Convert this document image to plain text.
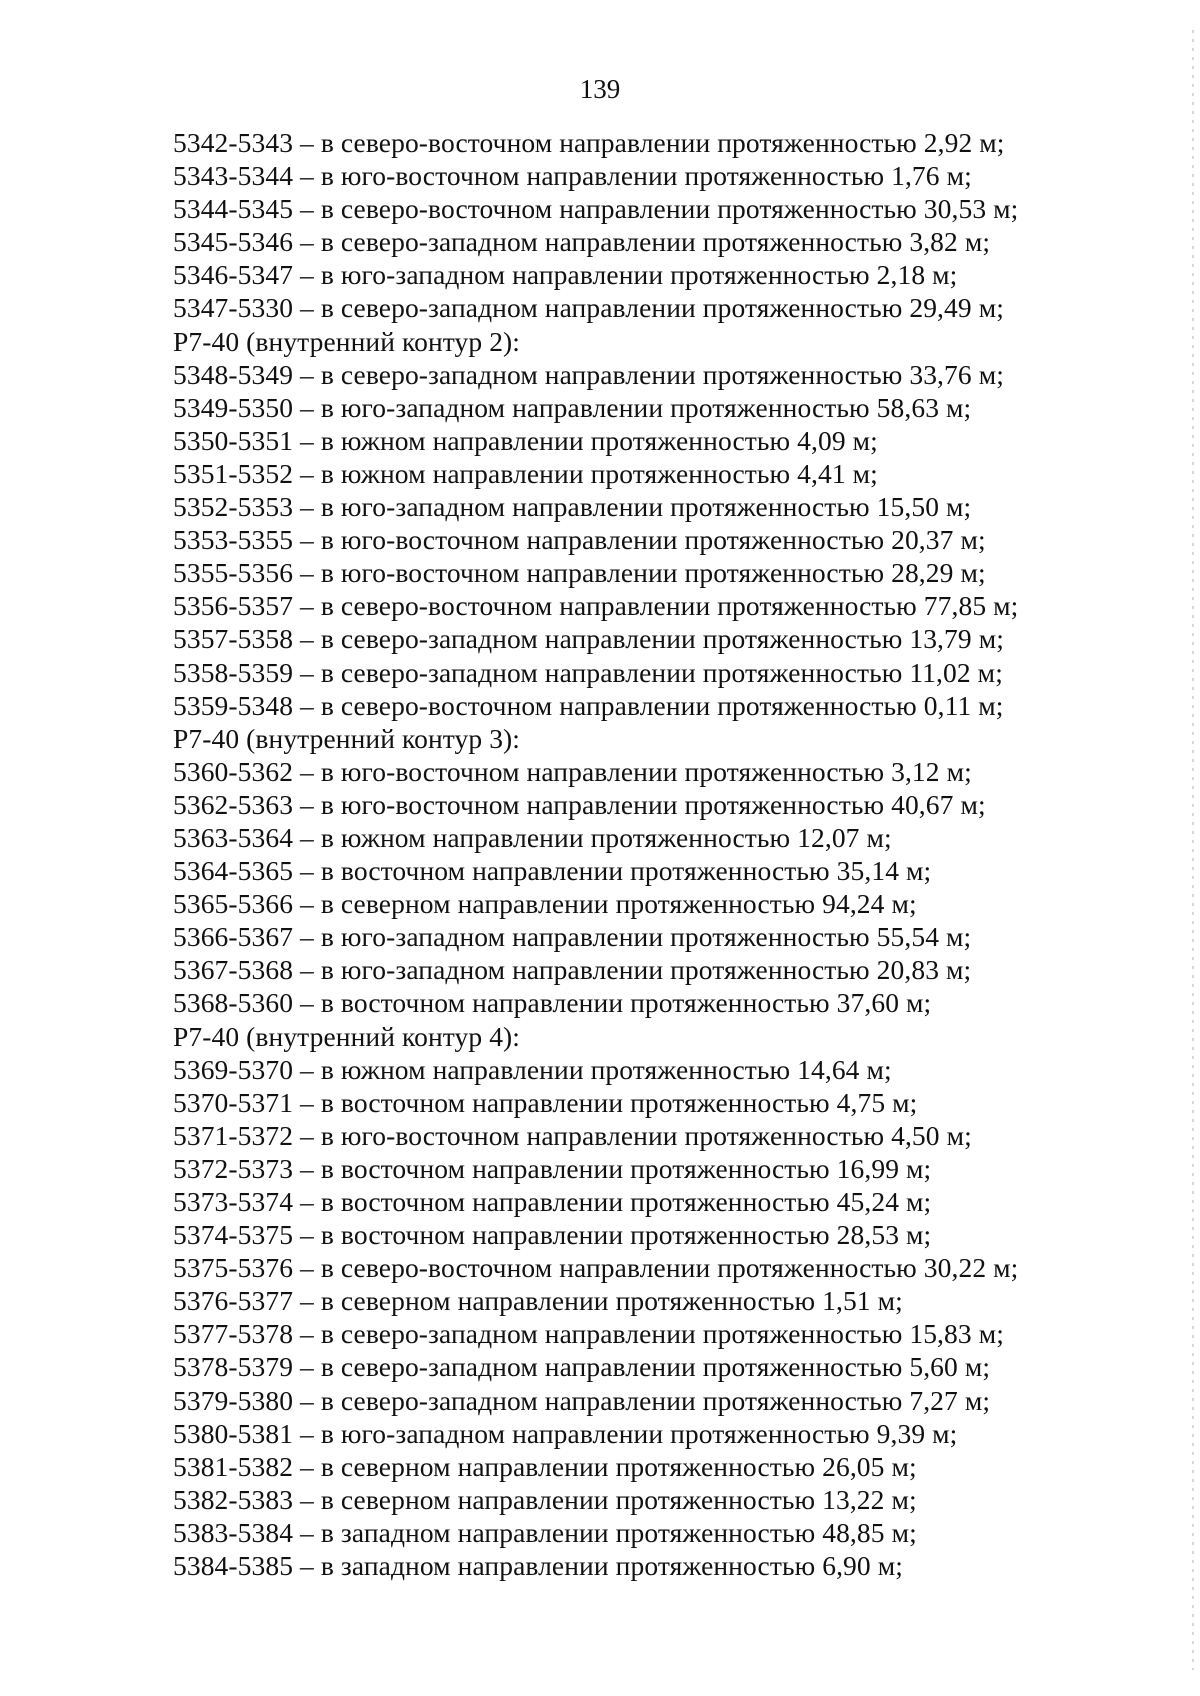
139
5342-5343 – в северо-восточном направлении протяженностью 2,92 м;
5343-5344 – в юго-восточном направлении протяженностью 1,76 м;
5344-5345 – в северо-восточном направлении протяженностью 30,53 м;
5345-5346 – в северо-западном направлении протяженностью 3,82 м;
5346-5347 – в юго-западном направлении протяженностью 2,18 м;
5347-5330 – в северо-западном направлении протяженностью 29,49 м;
Р7-40 (внутренний контур 2):
5348-5349 – в северо-западном направлении протяженностью 33,76 м;
5349-5350 – в юго-западном направлении протяженностью 58,63 м;
5350-5351 – в южном направлении протяженностью 4,09 м;
5351-5352 – в южном направлении протяженностью 4,41 м;
5352-5353 – в юго-западном направлении протяженностью 15,50 м;
5353-5355 – в юго-восточном направлении протяженностью 20,37 м;
5355-5356 – в юго-восточном направлении протяженностью 28,29 м;
5356-5357 – в северо-восточном направлении протяженностью 77,85 м;
5357-5358 – в северо-западном направлении протяженностью 13,79 м;
5358-5359 – в северо-западном направлении протяженностью 11,02 м;
5359-5348 – в северо-восточном направлении протяженностью 0,11 м;
Р7-40 (внутренний контур 3):
5360-5362 – в юго-восточном направлении протяженностью 3,12 м;
5362-5363 – в юго-восточном направлении протяженностью 40,67 м;
5363-5364 – в южном направлении протяженностью 12,07 м;
5364-5365 – в восточном направлении протяженностью 35,14 м;
5365-5366 – в северном направлении протяженностью 94,24 м;
5366-5367 – в юго-западном направлении протяженностью 55,54 м;
5367-5368 – в юго-западном направлении протяженностью 20,83 м;
5368-5360 – в восточном направлении протяженностью 37,60 м;
Р7-40 (внутренний контур 4):
5369-5370 – в южном направлении протяженностью 14,64 м;
5370-5371 – в восточном направлении протяженностью 4,75 м;
5371-5372 – в юго-восточном направлении протяженностью 4,50 м;
5372-5373 – в восточном направлении протяженностью 16,99 м;
5373-5374 – в восточном направлении протяженностью 45,24 м;
5374-5375 – в восточном направлении протяженностью 28,53 м;
5375-5376 – в северо-восточном направлении протяженностью 30,22 м;
5376-5377 – в северном направлении протяженностью 1,51 м;
5377-5378 – в северо-западном направлении протяженностью 15,83 м;
5378-5379 – в северо-западном направлении протяженностью 5,60 м;
5379-5380 – в северо-западном направлении протяженностью 7,27 м;
5380-5381 – в юго-западном направлении протяженностью 9,39 м;
5381-5382 – в северном направлении протяженностью 26,05 м;
5382-5383 – в северном направлении протяженностью 13,22 м;
5383-5384 – в западном направлении протяженностью 48,85 м;
5384-5385 – в западном направлении протяженностью 6,90 м;
